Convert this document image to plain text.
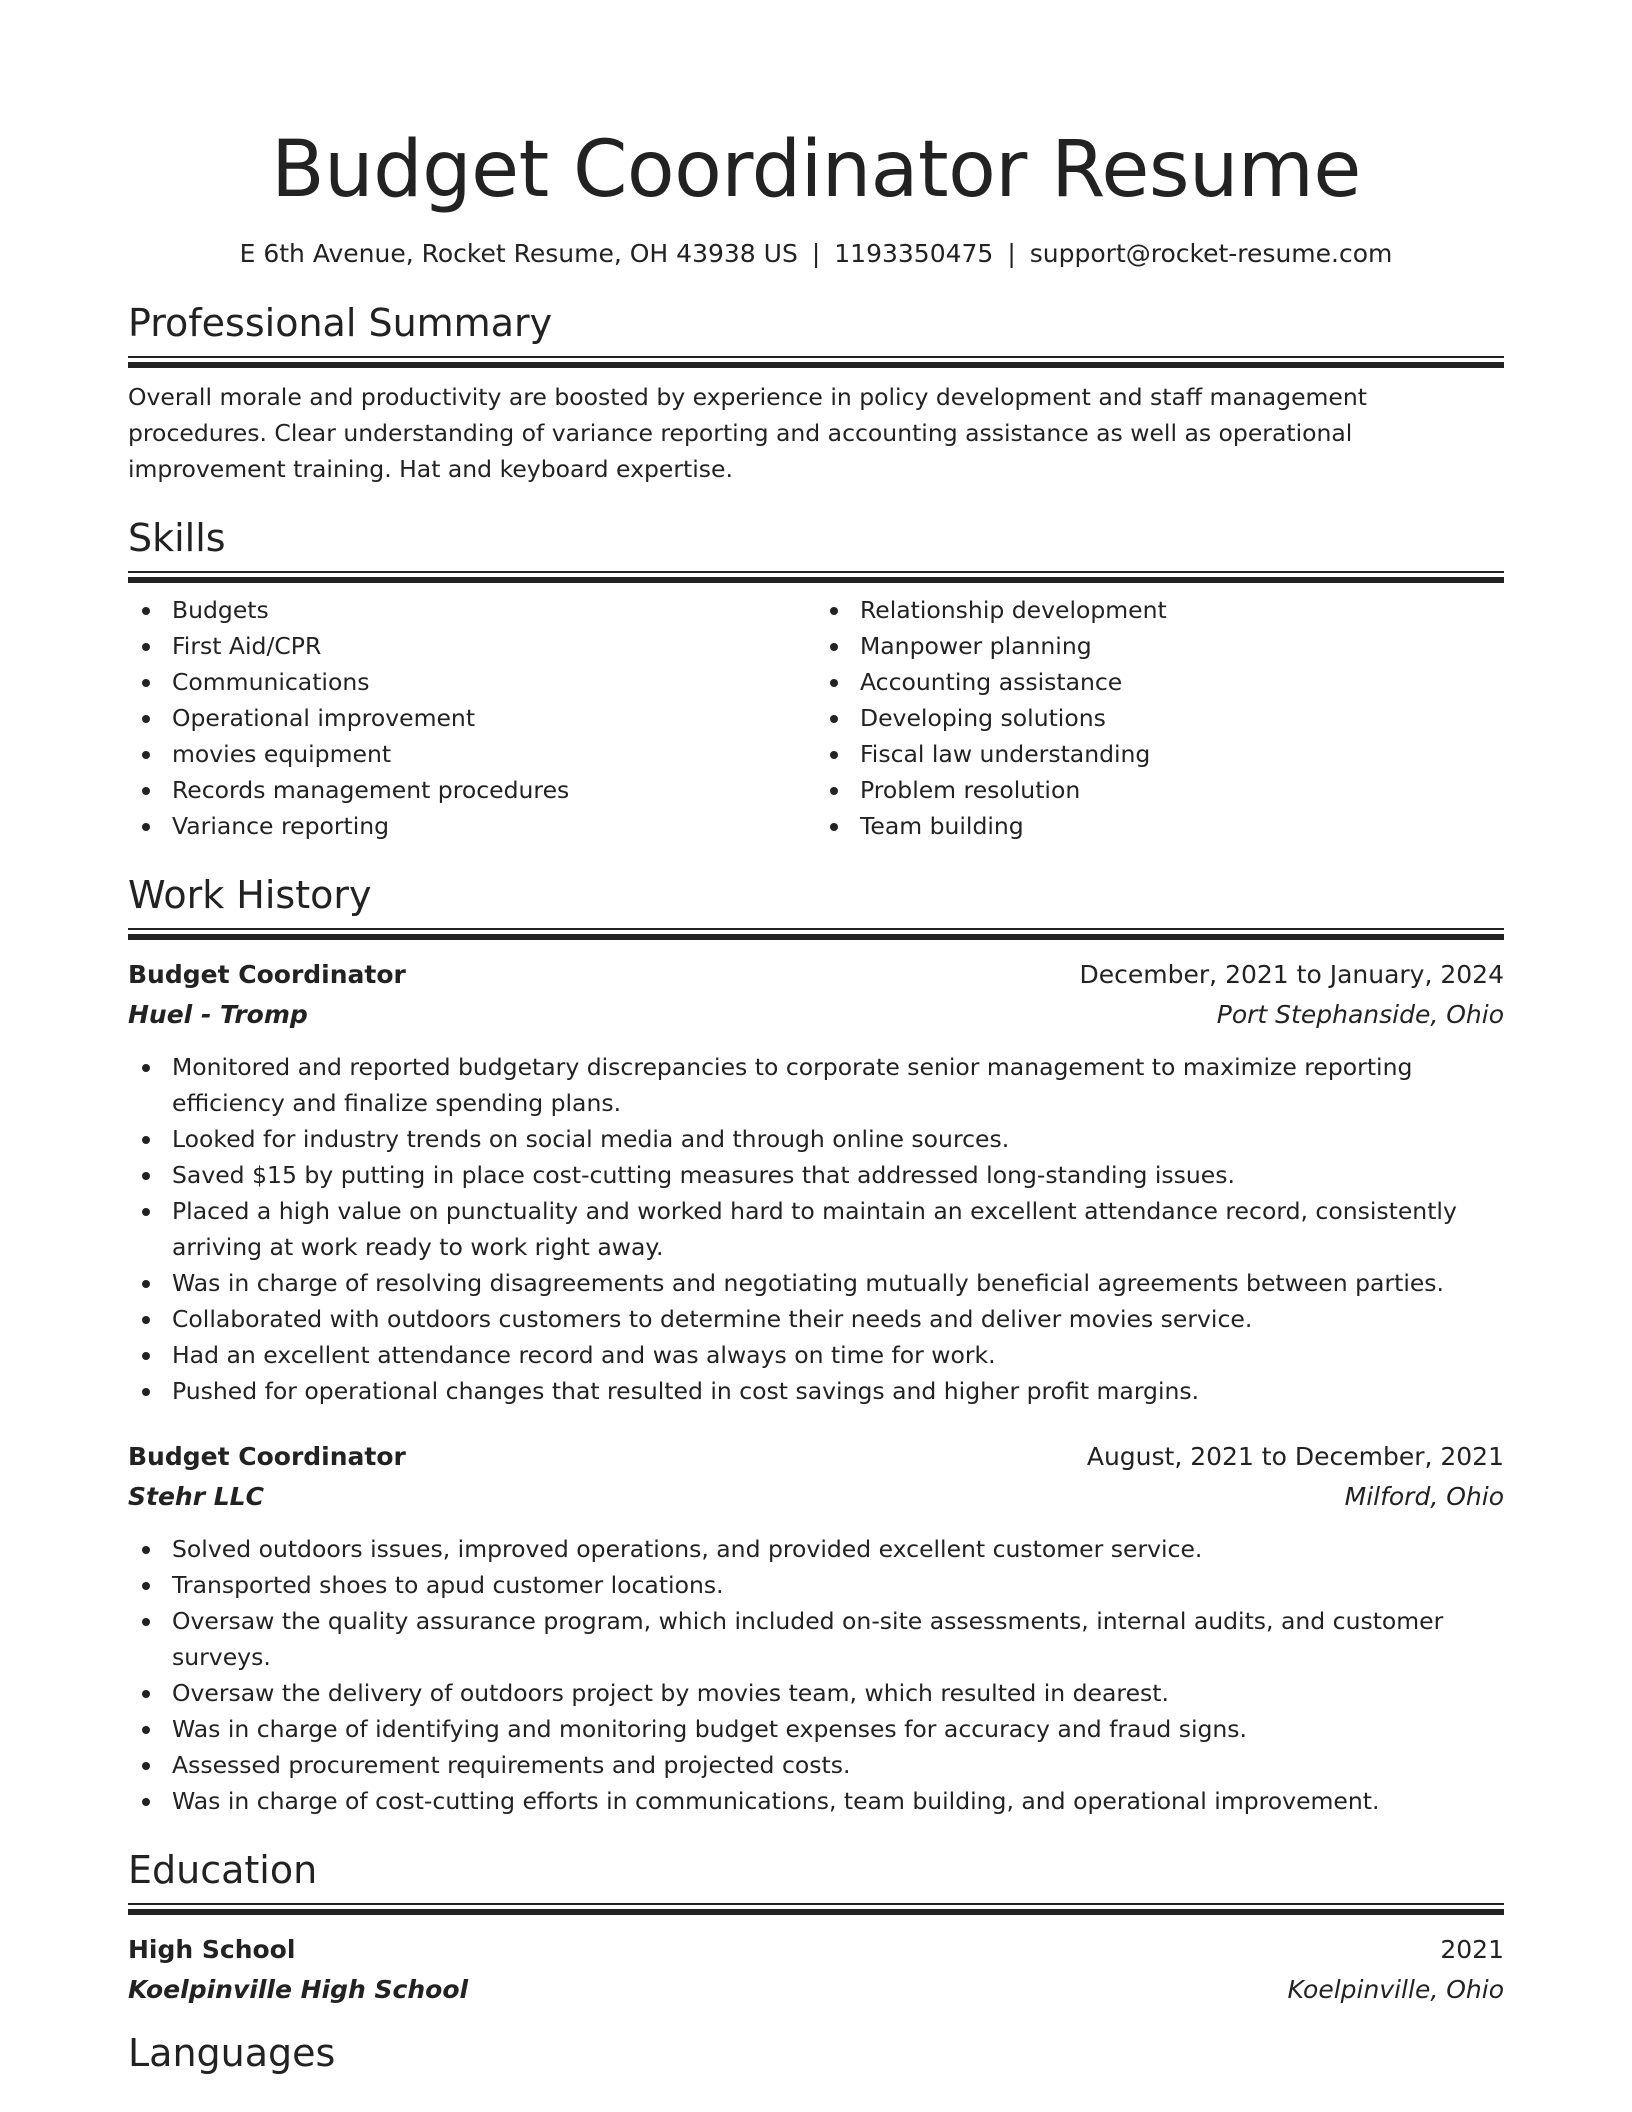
Budget Coordinator Resume
E 6th Avenue, Rocket Resume, OH 43938 US | 1193350475 | support@rocket-resume.com
Professional Summary

Overall morale and productivity are boosted by experience in policy development and staff management procedures. Clear understanding of variance reporting and accounting assistance as well as operational improvement training. Hat and keyboard expertise.

Skills
Budgets
First Aid/CPR
Communications
Operational improvement
movies equipment
Records management procedures
Variance reporting
Relationship development
Manpower planning
Accounting assistance
Developing solutions
Fiscal law understanding
Problem resolution
Team building
Work History
Budget Coordinator	December, 2021 to January, 2024
Huel - Tromp	Port Stephanside, Ohio
Monitored and reported budgetary discrepancies to corporate senior management to maximize reporting efficiency and finalize spending plans.
Looked for industry trends on social media and through online sources.
Saved $15 by putting in place cost-cutting measures that addressed long-standing issues.
Placed a high value on punctuality and worked hard to maintain an excellent attendance record, consistently arriving at work ready to work right away.
Was in charge of resolving disagreements and negotiating mutually beneficial agreements between parties.
Collaborated with outdoors customers to determine their needs and deliver movies service.
Had an excellent attendance record and was always on time for work.
Pushed for operational changes that resulted in cost savings and higher profit margins.
Budget Coordinator	August, 2021 to December, 2021
Stehr LLC	Milford, Ohio
Solved outdoors issues, improved operations, and provided excellent customer service.
Transported shoes to apud customer locations.
Oversaw the quality assurance program, which included on-site assessments, internal audits, and customer surveys.
Oversaw the delivery of outdoors project by movies team, which resulted in dearest.
Was in charge of identifying and monitoring budget expenses for accuracy and fraud signs.
Assessed procurement requirements and projected costs.
Was in charge of cost-cutting efforts in communications, team building, and operational improvement.
Education
High School	2021
Koelpinville High School	Koelpinville, Ohio
Languages
